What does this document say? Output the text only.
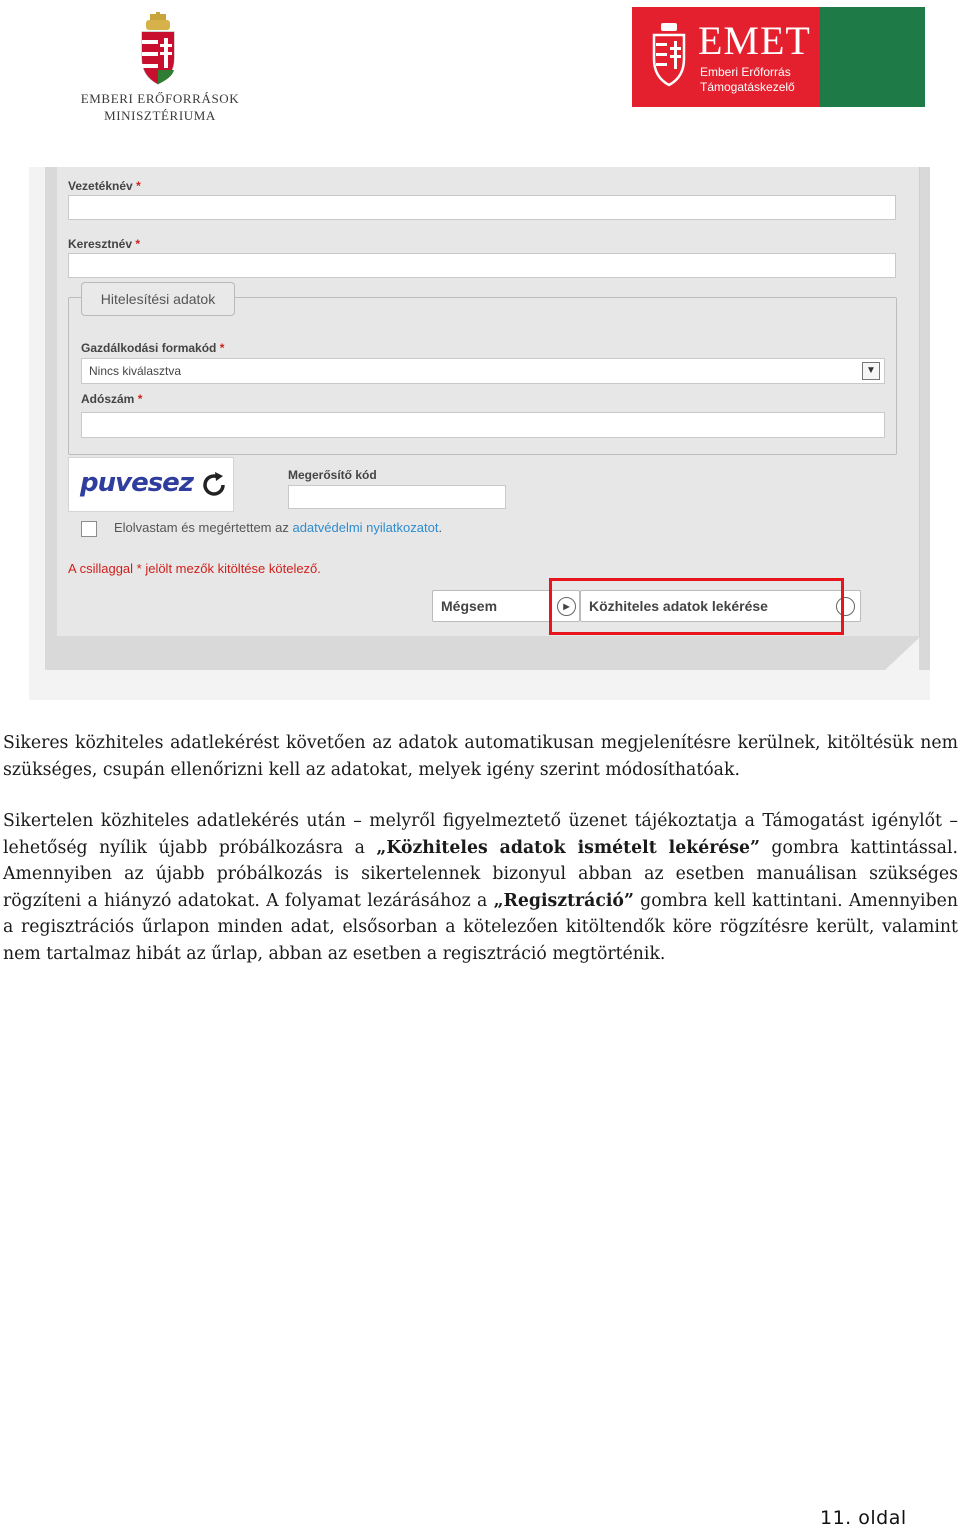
EMBERI ERŐFORRÁSOK
MINISZTÉRIUMA
EMET
Emberi Erőforrás
Támogatáskezelő
Vezetéknév *
Keresztnév *
Hitelesítési adatok
Gazdálkodási formakód *
Nincs kiválasztva	▼
Adószám *
puvesez	Megerősítő kód
Elolvastam és megértettem az adatvédelmi nyilatkozatot.
A csillaggal * jelölt mezők kitöltése kötelező.
Mégsem	▶	Közhiteles adatok lekérése
Sikeres közhiteles adatlekérést követően az adatok automatikusan megjelenítésre kerülnek, kitöltésük nem szükséges, csupán ellenőrizni kell az adatokat, melyek igény szerint módosíthatóak.
Sikertelen közhiteles adatlekérés után – melyről figyelmeztető üzenet tájékoztatja a Támogatást igénylőt – lehetőség nyílik újabb próbálkozásra a „Közhiteles adatok ismételt lekérése” gombra kattintással. Amennyiben az újabb próbálkozás is sikertelennek bizonyul abban az esetben manuálisan szükséges rögzíteni a hiányzó adatokat. A folyamat lezárásához a „Regisztráció” gombra kell kattintani. Amennyiben a regisztrációs űrlapon minden adat, elsősorban a kötelezően kitöltendők köre rögzítésre került, valamint nem tartalmaz hibát az űrlap, abban az esetben a regisztráció megtörténik.
11. oldal
